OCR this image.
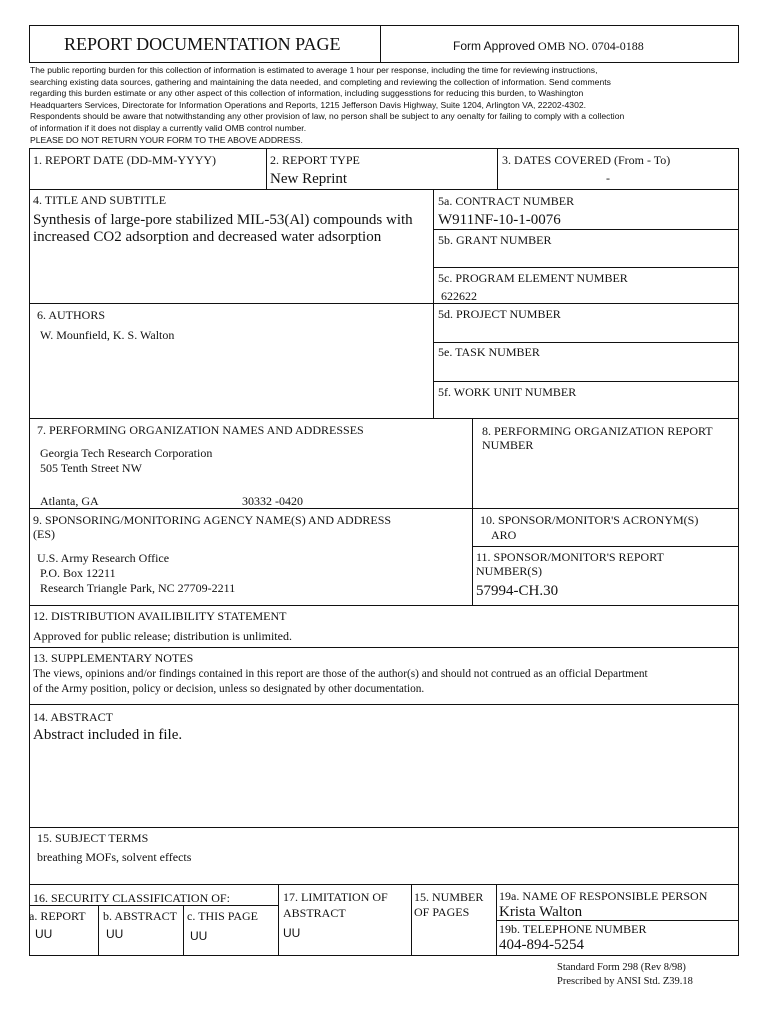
REPORT DOCUMENTATION PAGE	Form Approved OMB NO. 0704-0188
The public reporting burden for this collection of information is estimated to average 1 hour per response, including the time for reviewing instructions,
searching existing data sources, gathering and maintaining the data needed, and completing and reviewing the collection of information. Send comments
regarding this burden estimate or any other aspect of this collection of information, including suggesstions for reducing this burden, to Washington
Headquarters Services, Directorate for Information Operations and Reports, 1215 Jefferson Davis Highway, Suite 1204, Arlington VA, 22202-4302.
Respondents should be aware that notwithstanding any other provision of law, no person shall be subject to any oenalty for failing to comply with a collection
of information if it does not display a currently valid OMB control number.
PLEASE DO NOT RETURN YOUR FORM TO THE ABOVE ADDRESS.
1. REPORT DATE (DD-MM-YYYY)	2. REPORT TYPE
New Reprint
3. DATES COVERED (From - To)
-
4. TITLE AND SUBTITLE
Synthesis of large-pore stabilized MIL-53(Al) compounds with
increased CO2 adsorption and decreased water adsorption
5a. CONTRACT NUMBER
W911NF-10-1-0076
5b. GRANT NUMBER
5c. PROGRAM ELEMENT NUMBER
622622
6. AUTHORS
W. Mounfield, K. S. Walton
5d. PROJECT NUMBER
5e. TASK NUMBER
5f. WORK UNIT NUMBER
7. PERFORMING ORGANIZATION NAMES AND ADDRESSES
Georgia Tech Research Corporation
505 Tenth Street NW
Atlanta, GA	30332 -0420
8. PERFORMING ORGANIZATION REPORT
NUMBER
9. SPONSORING/MONITORING AGENCY NAME(S) AND ADDRESS
(ES)
U.S. Army Research Office
P.O. Box 12211
Research Triangle Park, NC 27709-2211
10. SPONSOR/MONITOR'S ACRONYM(S)
ARO
11. SPONSOR/MONITOR'S REPORT
NUMBER(S)
57994-CH.30
12. DISTRIBUTION AVAILIBILITY STATEMENT
Approved for public release; distribution is unlimited.
13. SUPPLEMENTARY NOTES
The views, opinions and/or findings contained in this report are those of the author(s) and should not contrued as an official Department
of the Army position, policy or decision, unless so designated by other documentation.
14. ABSTRACT
Abstract included in file.
15. SUBJECT TERMS
breathing MOFs, solvent effects
16. SECURITY CLASSIFICATION OF:
a. REPORT
UU
b. ABSTRACT
UU
c. THIS PAGE
UU
17. LIMITATION OF
ABSTRACT
UU
15. NUMBER
OF PAGES
19a. NAME OF RESPONSIBLE PERSON
Krista Walton
19b. TELEPHONE NUMBER
404-894-5254
Standard Form 298 (Rev 8/98)
Prescribed by ANSI Std. Z39.18
